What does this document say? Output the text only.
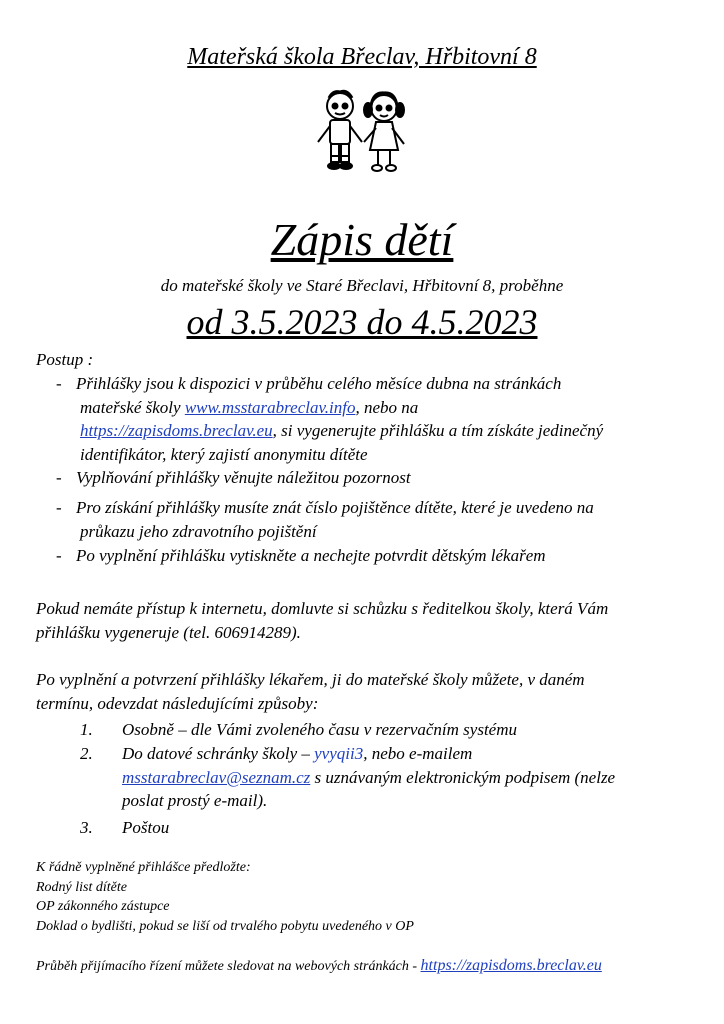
Mateřská škola Břeclav, Hřbitovní 8
Zápis dětí
do mateřské školy ve Staré Břeclavi, Hřbitovní 8, proběhne
od 3.5.2023 do 4.5.2023
Postup :
- Přihlášky jsou k dispozici v průběhu celého měsíce dubna na stránkách
mateřské školy www.msstarabreclav.info, nebo na
https://zapisdoms.breclav.eu, si vygenerujte přihlášku a tím získáte jedinečný
identifikátor, který zajistí anonymitu dítěte
- Vyplňování přihlášky věnujte náležitou pozornost
- Pro získání přihlášky musíte znát číslo pojištěnce dítěte, které je uvedeno na
průkazu jeho zdravotního pojištění
- Po vyplnění přihlášku vytiskněte a nechejte potvrdit dětským lékařem
Pokud nemáte přístup k internetu, domluvte si schůzku s ředitelkou školy, která Vám
přihlášku vygeneruje (tel. 606914289).
Po vyplnění a potvrzení přihlášky lékařem, ji do mateřské školy můžete, v daném
termínu, odevzdat následujícími způsoby:
1. Osobně – dle Vámi zvoleného času v rezervačním systému
2. Do datové schránky školy – yvyqii3, nebo e-mailem
msstarabreclav@seznam.cz s uznávaným elektronickým podpisem (nelze
poslat prostý e-mail).
3. Poštou
K řádně vyplněné přihlášce předložte:
Rodný list dítěte
OP zákonného zástupce
Doklad o bydlišti, pokud se liší od trvalého pobytu uvedeného v OP
Průběh přijímacího řízení můžete sledovat na webových stránkách - https://zapisdoms.breclav.eu
